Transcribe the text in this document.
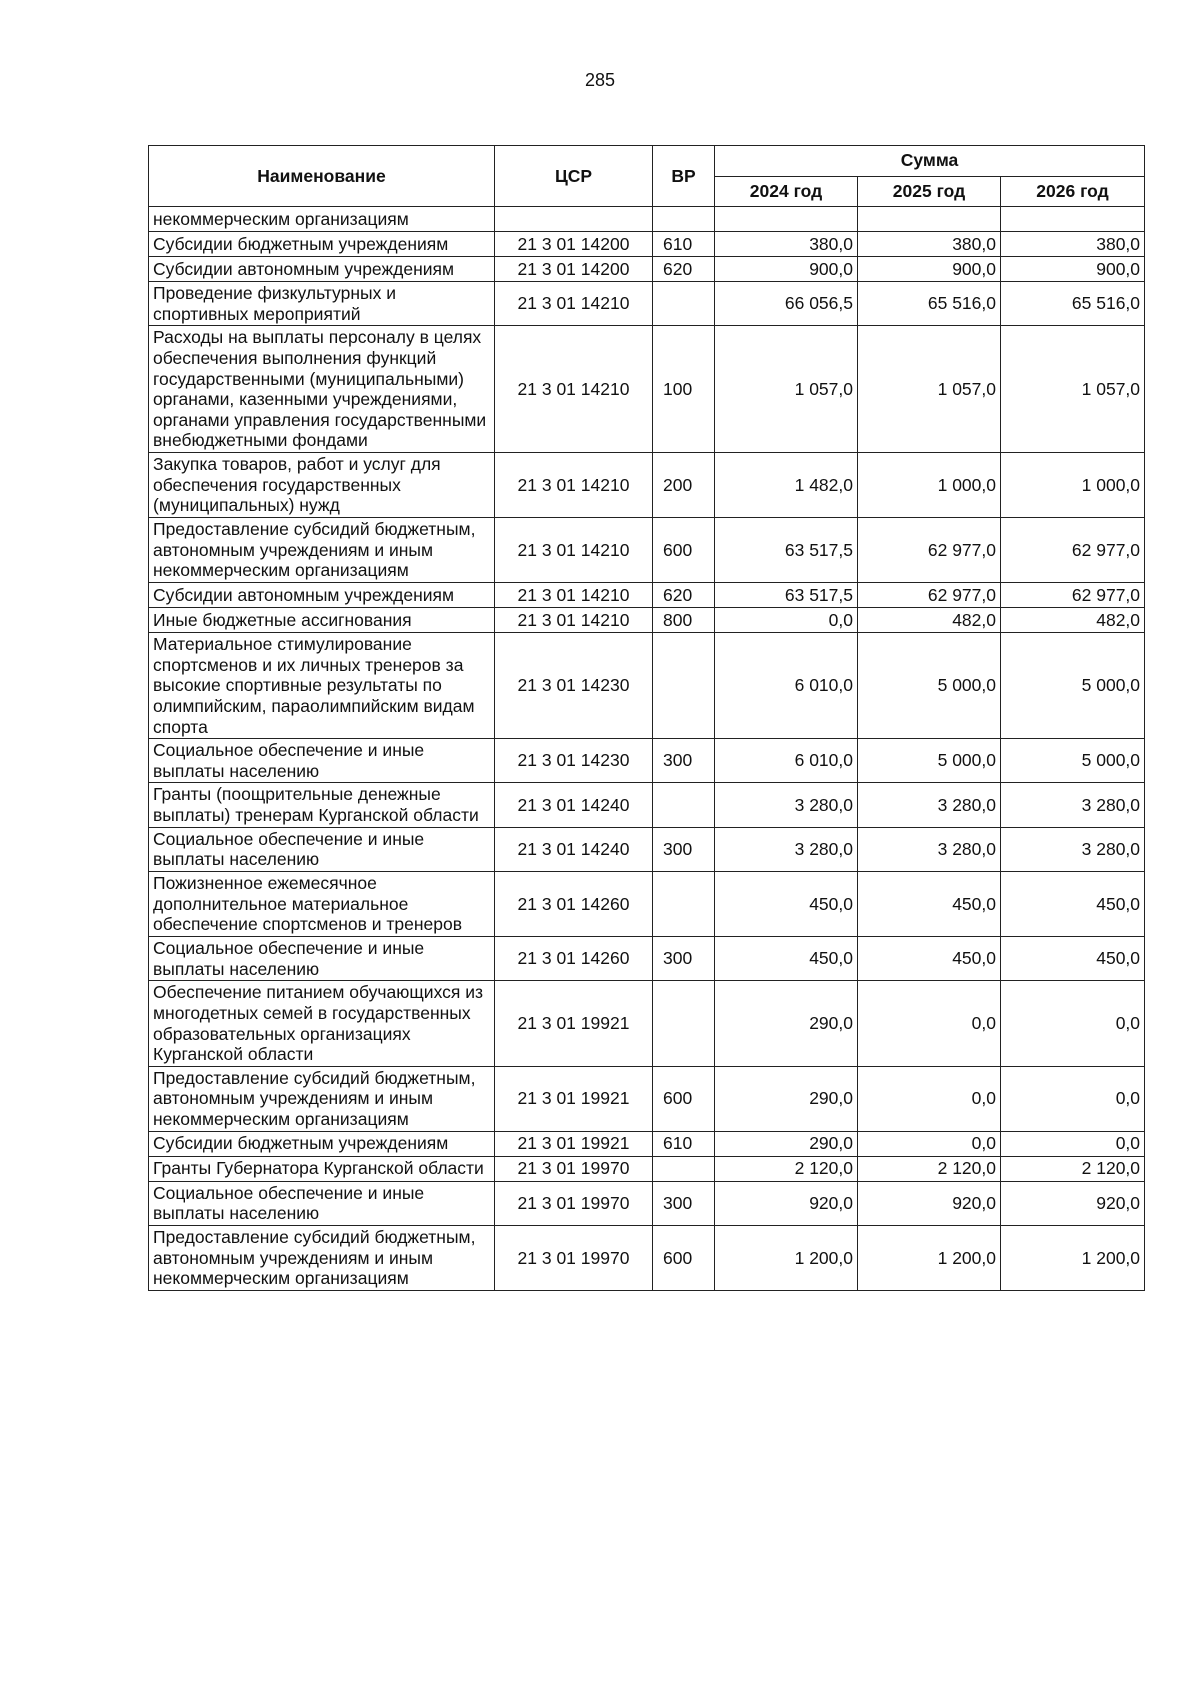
285
Наименование	ЦСР	ВР	Сумма		
			2024 год	2025 год	2026 год
некоммерческим организациям					
Субсидии бюджетным учреждениям	21 3 01 14200	610	380,0	380,0	380,0
Субсидии автономным учреждениям	21 3 01 14200	620	900,0	900,0	900,0
Проведение физкультурных и спортивных мероприятий	21 3 01 14210		66 056,5	65 516,0	65 516,0
Расходы на выплаты персоналу в целях обеспечения выполнения функций государственными (муниципальными) органами, казенными учреждениями, органами управления государственными внебюджетными фондами	21 3 01 14210	100	1 057,0	1 057,0	1 057,0
Закупка товаров, работ и услуг для обеспечения государственных (муниципальных) нужд	21 3 01 14210	200	1 482,0	1 000,0	1 000,0
Предоставление субсидий бюджетным, автономным учреждениям и иным некоммерческим организациям	21 3 01 14210	600	63 517,5	62 977,0	62 977,0
Субсидии автономным учреждениям	21 3 01 14210	620	63 517,5	62 977,0	62 977,0
Иные бюджетные ассигнования	21 3 01 14210	800	0,0	482,0	482,0
Материальное стимулирование спортсменов и их личных тренеров за высокие спортивные результаты по олимпийским, параолимпийским видам спорта	21 3 01 14230		6 010,0	5 000,0	5 000,0
Социальное обеспечение и иные выплаты населению	21 3 01 14230	300	6 010,0	5 000,0	5 000,0
Гранты (поощрительные денежные выплаты) тренерам Курганской области	21 3 01 14240		3 280,0	3 280,0	3 280,0
Социальное обеспечение и иные выплаты населению	21 3 01 14240	300	3 280,0	3 280,0	3 280,0
Пожизненное ежемесячное дополнительное материальное обеспечение спортсменов и тренеров	21 3 01 14260		450,0	450,0	450,0
Социальное обеспечение и иные выплаты населению	21 3 01 14260	300	450,0	450,0	450,0
Обеспечение питанием обучающихся из многодетных семей в государственных образовательных организациях Курганской области	21 3 01 19921		290,0	0,0	0,0
Предоставление субсидий бюджетным, автономным учреждениям и иным некоммерческим организациям	21 3 01 19921	600	290,0	0,0	0,0
Субсидии бюджетным учреждениям	21 3 01 19921	610	290,0	0,0	0,0
Гранты Губернатора Курганской области	21 3 01 19970		2 120,0	2 120,0	2 120,0
Социальное обеспечение и иные выплаты населению	21 3 01 19970	300	920,0	920,0	920,0
Предоставление субсидий бюджетным, автономным учреждениям и иным некоммерческим организациям	21 3 01 19970	600	1 200,0	1 200,0	1 200,0
